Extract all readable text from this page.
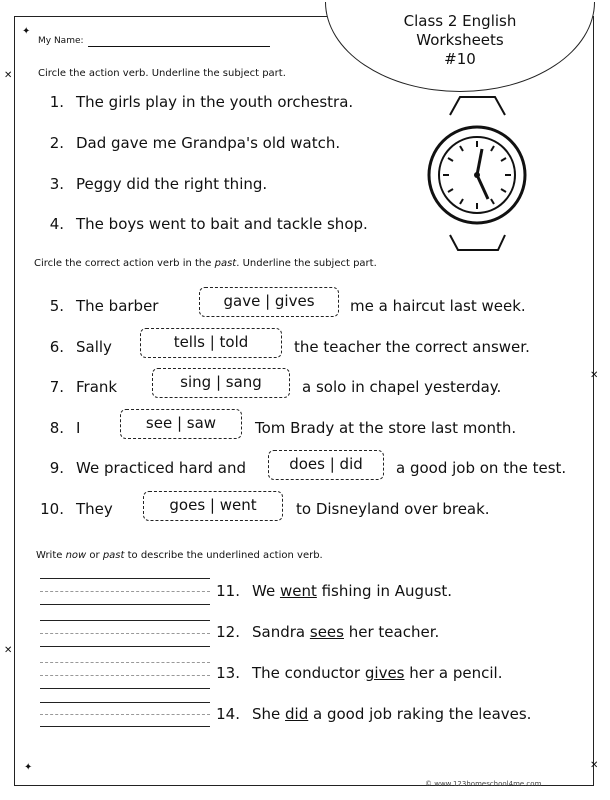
Class 2 English
Worksheets
#10
✦
✕
✕
✕
✦	✕
My Name:
Circle the action verb. Underline the subject part.
1. The girls play in the youth orchestra.
2. Dad gave me Grandpa's old watch.
3. Peggy did the right thing.
4. The boys went to bait and tackle shop.
Circle the correct action verb in the past. Underline the subject part.
5. The barber	gave | gives	me a haircut last week.
6. Sally	tells | told	the teacher the correct answer.
7. Frank	sing | sang	a solo in chapel yesterday.
8. I	see | saw	Tom Brady at the store last month.
9. We practiced hard and	does | did	a good job on the test.
10. They	goes | went	to Disneyland over break.
Write now or past to describe the underlined action verb.
11. We went fishing in August.
12. Sandra sees her teacher.
13. The conductor gives her a pencil.
14. She did a good job raking the leaves.
© www.123homeschool4me.com
